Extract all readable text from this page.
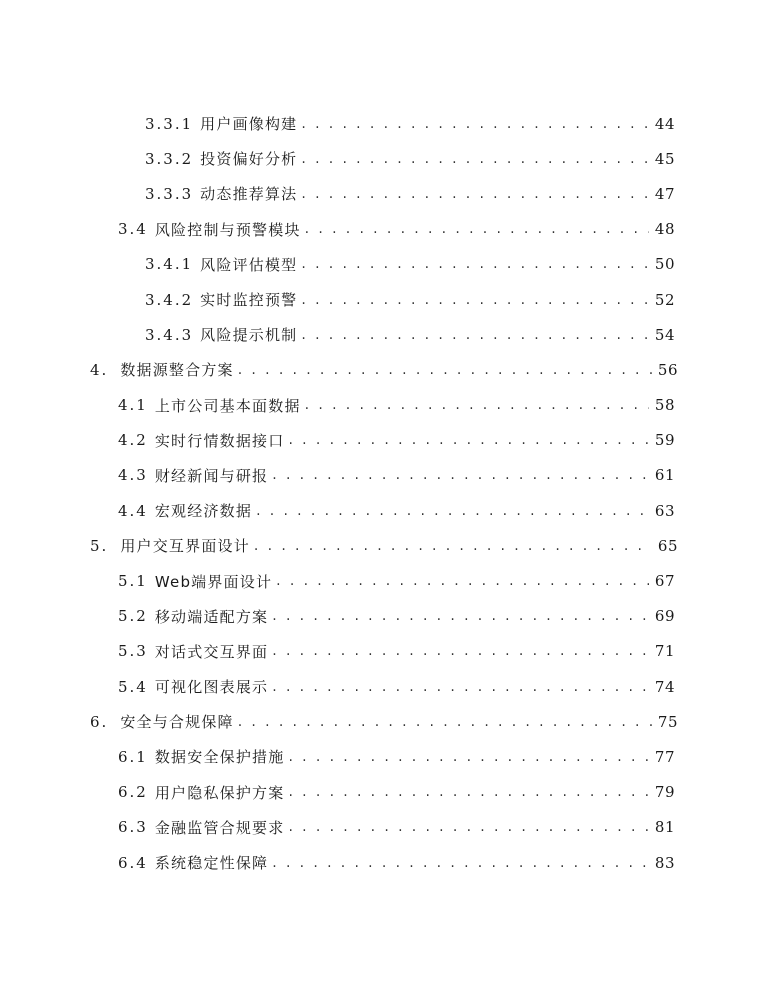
3.3.1 用户画像构建 . . .	44
3.3.2 投资偏好分析 . . .	45
3.3.3 动态推荐算法 . . .	47
3.4 风险控制与预警模块 . . .	48
3.4.1 风险评估模型 . . .	50
3.4.2 实时监控预警 . . .	52
3.4.3 风险提示机制 . . .	54
4. 数据源整合方案 . . .	56
4.1 上市公司基本面数据 . . .	58
4.2 实时行情数据接口 . . .	59
4.3 财经新闻与研报 . . .	61
4.4 宏观经济数据 . . .	63
5. 用户交互界面设计 . . .	65
5.1 Web端界面设计 . . .	67
5.2 移动端适配方案 . . .	69
5.3 对话式交互界面 . . .	71
5.4 可视化图表展示 . . .	74
6. 安全与合规保障 . . .	75
6.1 数据安全保护措施 . . .	77
6.2 用户隐私保护方案 . . .	79
6.3 金融监管合规要求 . . .	81
6.4 系统稳定性保障 . . .	83
